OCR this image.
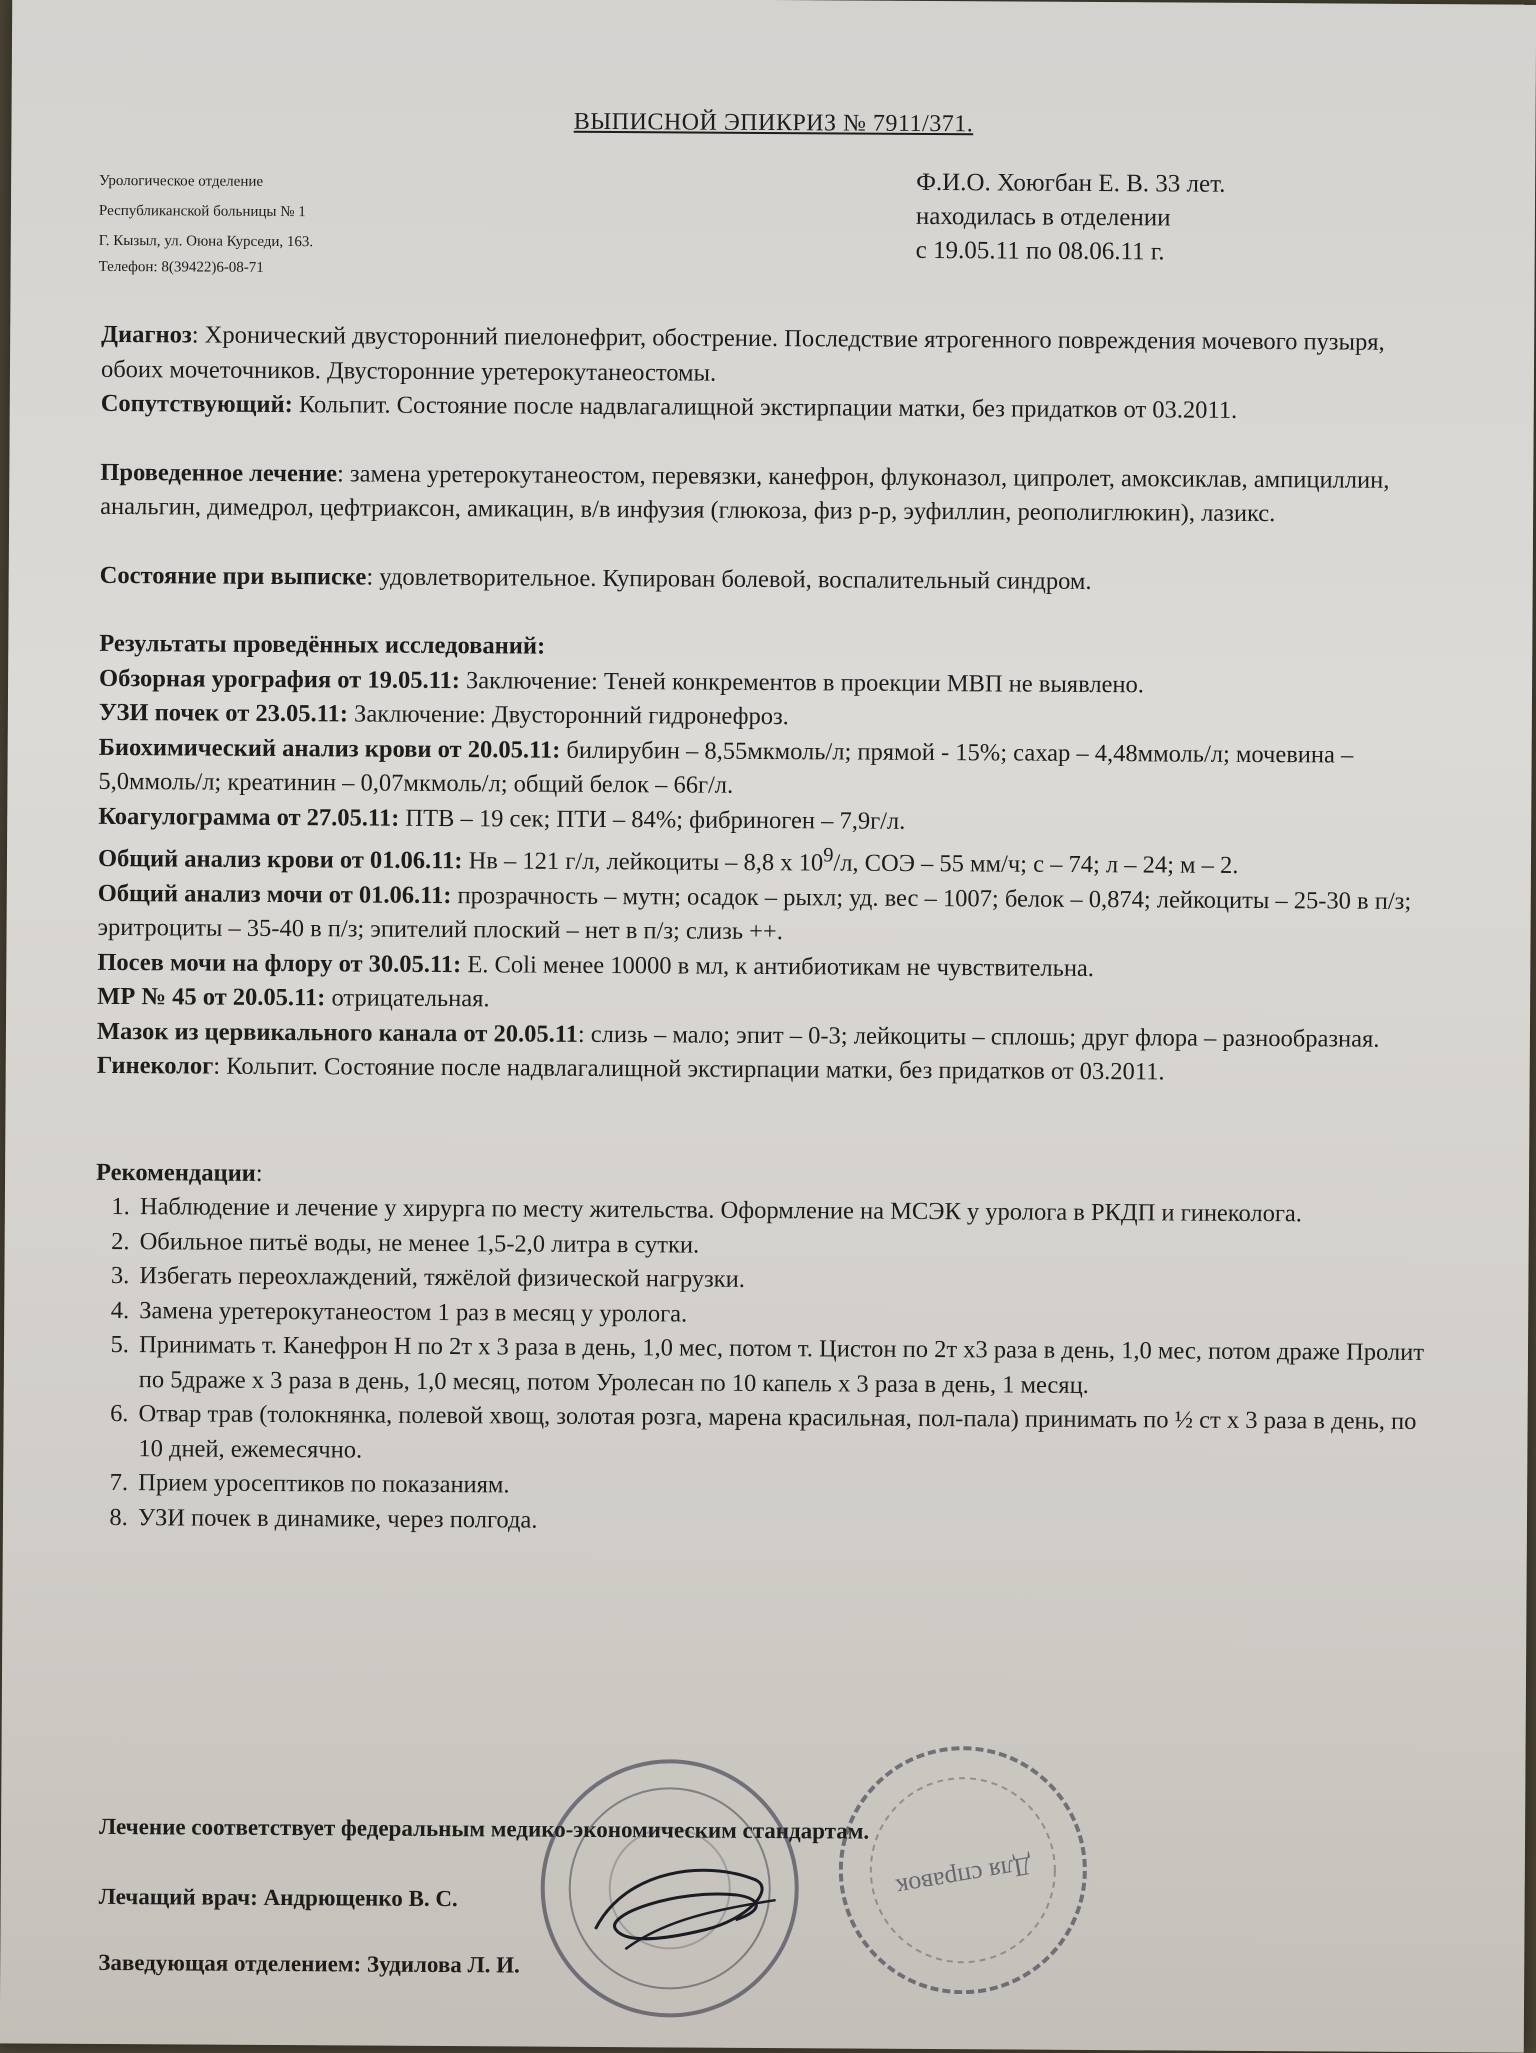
ВЫПИСНОЙ ЭПИКРИЗ № 7911/371.
Урологическое отделение
Республиканской больницы № 1
Г. Кызыл, ул. Оюна Курседи, 163.
Телефон: 8(39422)6-08-71
Ф.И.О. Хоюгбан Е. В. 33 лет.
находилась в отделении
с 19.05.11 по 08.06.11 г.

Диагноз: Хронический двусторонний пиелонефрит, обострение. Последствие ятрогенного повреждения мочевого пузыря, обоих мочеточников. Двусторонние уретерокутанеостомы.

Сопутствующий: Кольпит. Состояние после надвлагалищной экстирпации матки, без придатков от 03.2011.

Проведенное лечение: замена уретерокутанеостом, перевязки, канефрон, флуконазол, ципролет, амоксиклав, ампициллин, анальгин, димедрол, цефтриаксон, амикацин, в/в инфузия (глюкоза, физ р-р, эуфиллин, реополиглюкин), лазикс.

Состояние при выписке: удовлетворительное. Купирован болевой, воспалительный синдром.

Результаты проведённых исследований:

Обзорная урография от 19.05.11: Заключение: Теней конкрементов в проекции МВП не выявлено.

УЗИ почек от 23.05.11: Заключение: Двусторонний гидронефроз.

Биохимический анализ крови от 20.05.11: билирубин – 8,55мкмоль/л; прямой - 15%; сахар – 4,48ммоль/л; мочевина – 5,0ммоль/л; креатинин – 0,07мкмоль/л; общий белок – 66г/л.

Коагулограмма от 27.05.11: ПТВ – 19 сек; ПТИ – 84%; фибриноген – 7,9г/л.

Общий анализ крови от 01.06.11: Нв – 121 г/л, лейкоциты – 8,8 х $10^9/л$, СОЭ – 55 мм/ч; с – 74; л – 24; м – 2.

Общий анализ мочи от 01.06.11: прозрачность – мутн; осадок – рыхл; уд. вес – 1007; белок – 0,874; лейкоциты – 25-30 в п/з; эритроциты – 35-40 в п/з; эпителий плоский – нет в п/з; слизь ++.

Посев мочи на флору от 30.05.11: E. Coli менее 10000 в мл, к антибиотикам не чувствительна.

МР № 45 от 20.05.11: отрицательная.

Мазок из цервикального канала от 20.05.11: слизь – мало; эпит – 0-3; лейкоциты – сплошь; друг флора – разнообразная.

Гинеколог: Кольпит. Состояние после надвлагалищной экстирпации матки, без придатков от 03.2011.

Рекомендации:

1. Наблюдение и лечение у хирурга по месту жительства. Оформление на МСЭК у уролога в РКДП и гинеколога.
2. Обильное питьё воды, не менее 1,5-2,0 литра в сутки.
3. Избегать переохлаждений, тяжёлой физической нагрузки.
4. Замена уретерокутанеостом 1 раз в месяц у уролога.
5. Принимать т. Канефрон Н по 2т х 3 раза в день, 1,0 мес, потом т. Цистон по 2т х3 раза в день, 1,0 мес, потом драже Пролит по 5драже х 3 раза в день, 1,0 месяц, потом Уролесан по 10 капель х 3 раза в день, 1 месяц.
6. Отвар трав (толокнянка, полевой хвощ, золотая розга, марена красильная, пол-пала) принимать по ½ ст х 3 раза в день, по 10 дней, ежемесячно.
7. Прием уросептиков по показаниям.
8. УЗИ почек в динамике, через полгода.
Лечение соответствует федеральным медико-экономическим стандартам.
Лечащий врач: Андрющенко В. С.
Заведующая отделением: Зудилова Л. И.
Для справок
